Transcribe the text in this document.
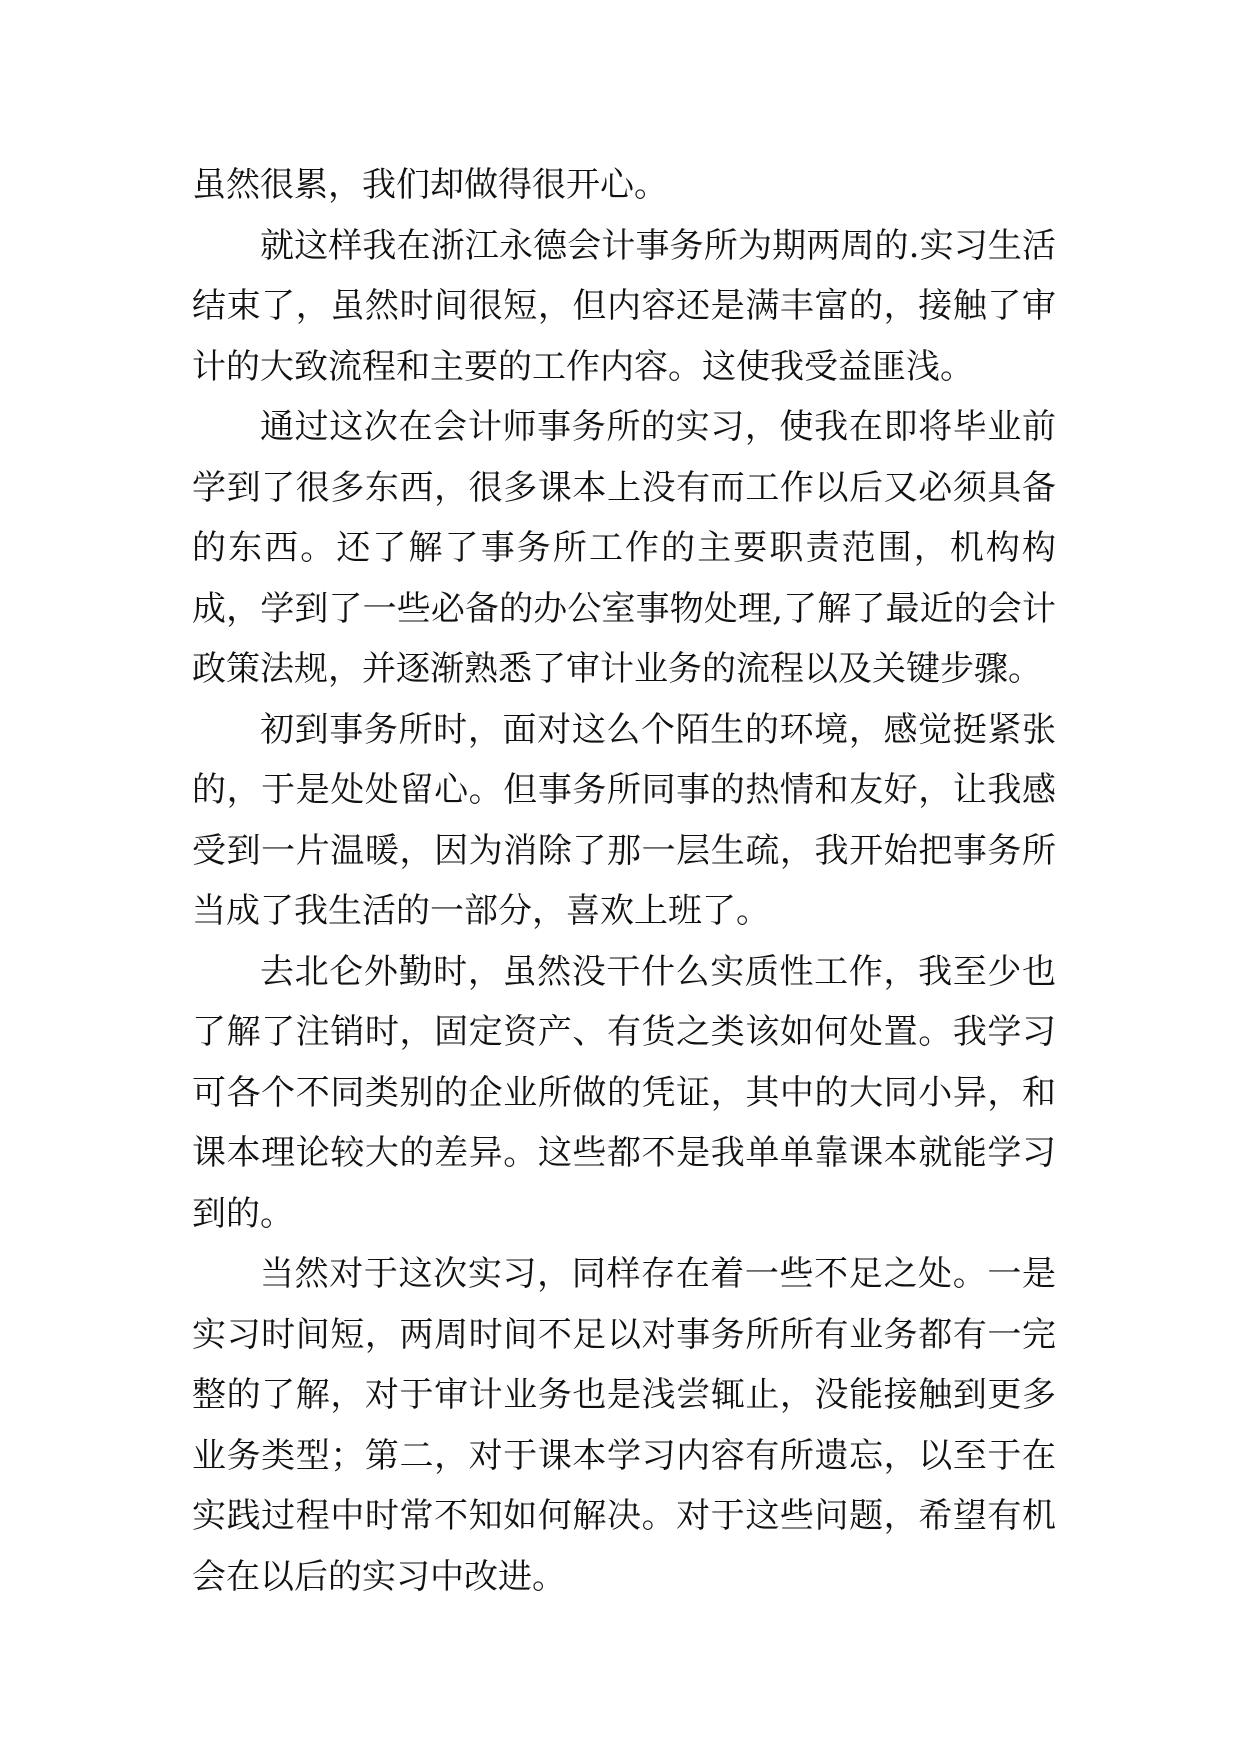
虽然很累，我们却做得很开心。

就这样我在浙江永德会计事务所为期两周的.实习生活结束了，虽然时间很短，但内容还是满丰富的，接触了审计的大致流程和主要的工作内容。这使我受益匪浅。

通过这次在会计师事务所的实习，使我在即将毕业前学到了很多东西，很多课本上没有而工作以后又必须具备的东西。还了解了事务所工作的主要职责范围，机构构成，学到了一些必备的办公室事物处理,了解了最近的会计政策法规，并逐渐熟悉了审计业务的流程以及关键步骤。

初到事务所时，面对这么个陌生的环境，感觉挺紧张的，于是处处留心。但事务所同事的热情和友好，让我感受到一片温暖，因为消除了那一层生疏，我开始把事务所当成了我生活的一部分，喜欢上班了。

去北仑外勤时，虽然没干什么实质性工作，我至少也了解了注销时，固定资产、有货之类该如何处置。我学习可各个不同类别的企业所做的凭证，其中的大同小异，和课本理论较大的差异。这些都不是我单单靠课本就能学习到的。

当然对于这次实习，同样存在着一些不足之处。一是实习时间短，两周时间不足以对事务所所有业务都有一完整的了解，对于审计业务也是浅尝辄止，没能接触到更多业务类型；第二，对于课本学习内容有所遗忘，以至于在实践过程中时常不知如何解决。对于这些问题，希望有机会在以后的实习中改进。
